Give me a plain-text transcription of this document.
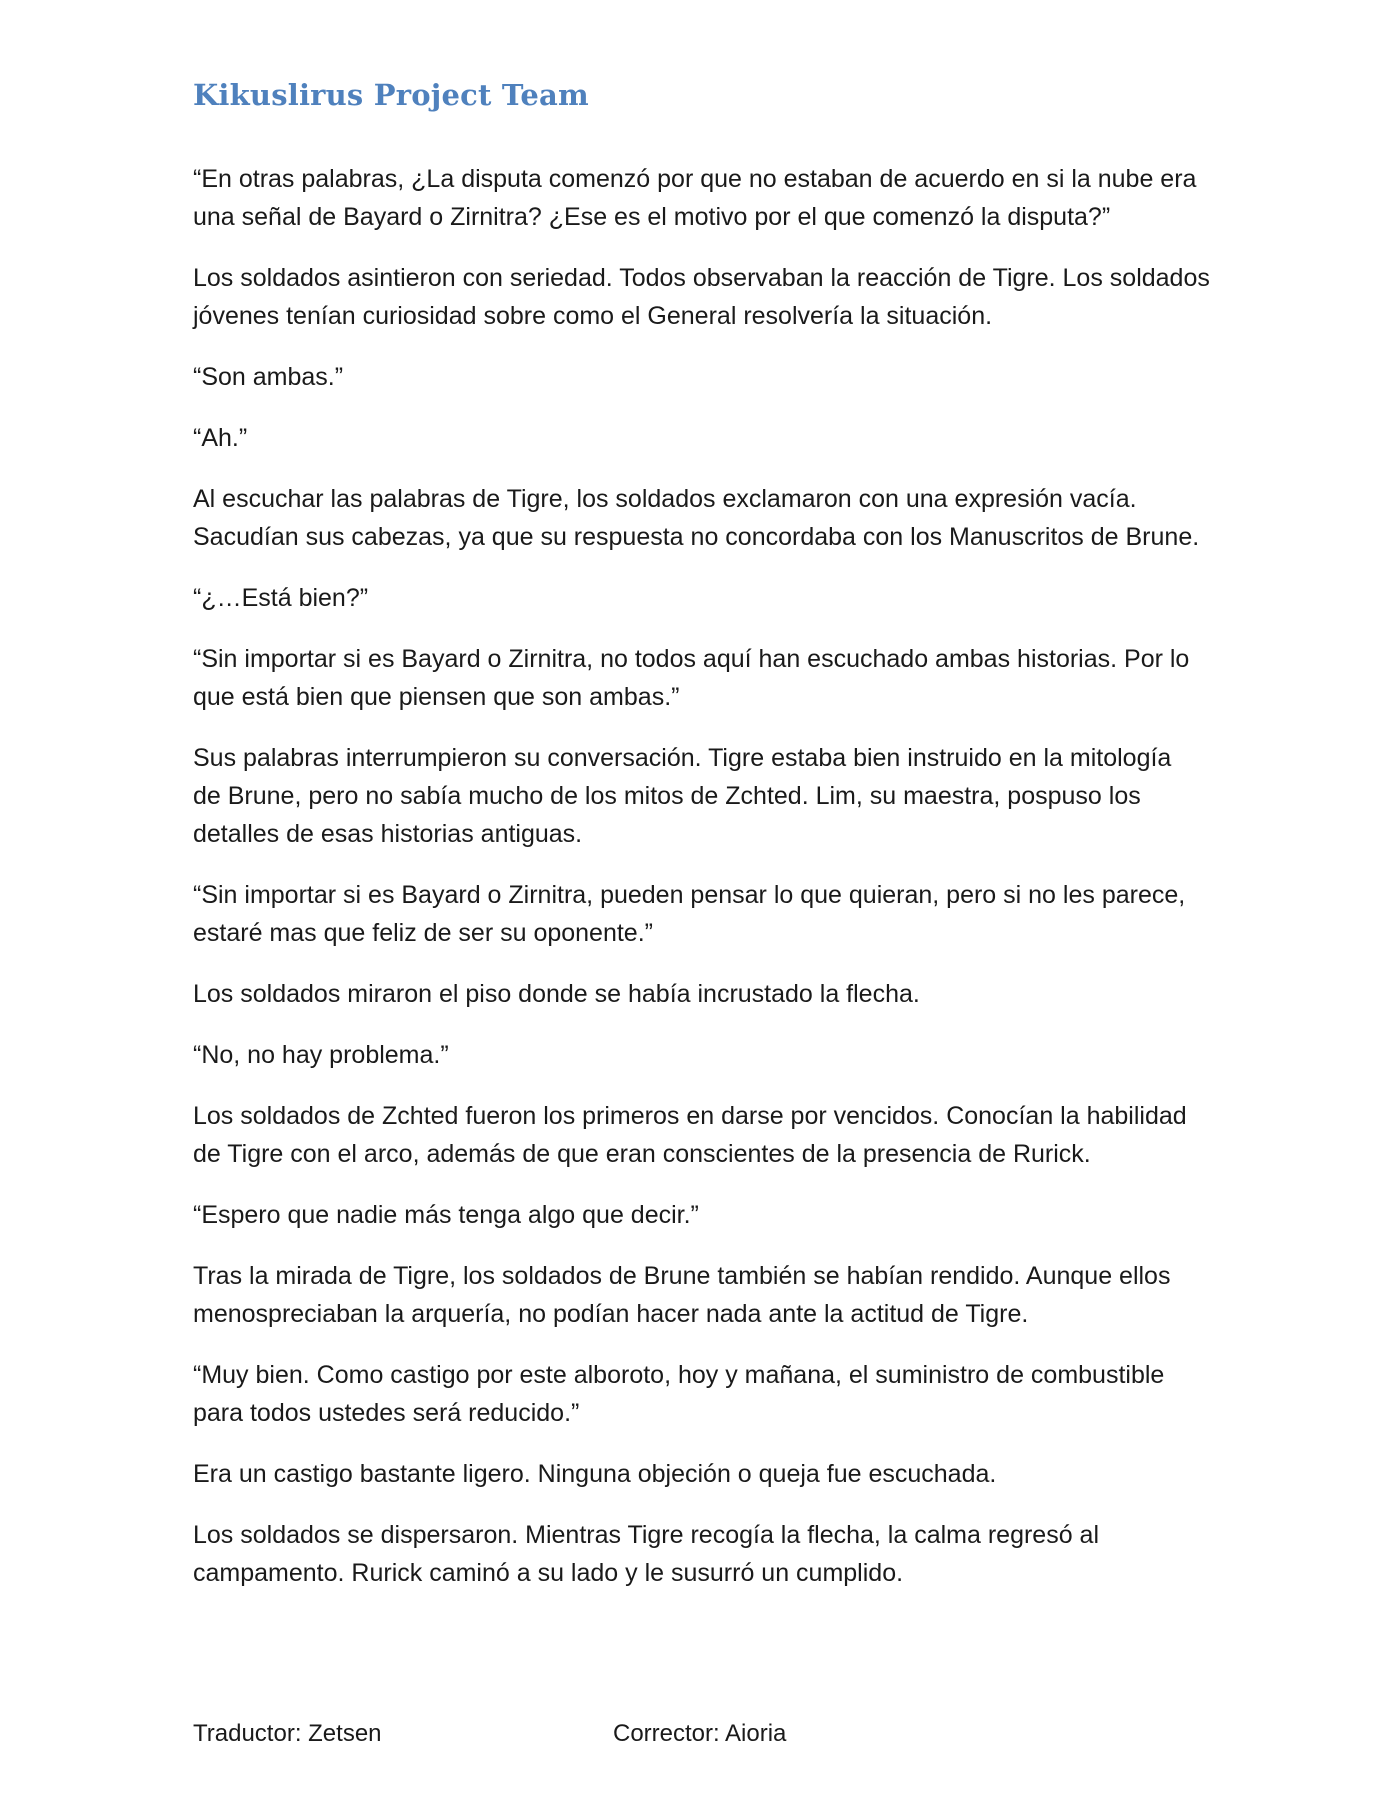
Kikuslirus Project Team

“En otras palabras, ¿La disputa comenzó por que no estaban de acuerdo en si la nube era
una señal de Bayard o Zirnitra? ¿Ese es el motivo por el que comenzó la disputa?”

Los soldados asintieron con seriedad. Todos observaban la reacción de Tigre. Los soldados
jóvenes tenían curiosidad sobre como el General resolvería la situación.

“Son ambas.”

“Ah.”

Al escuchar las palabras de Tigre, los soldados exclamaron con una expresión vacía.
Sacudían sus cabezas, ya que su respuesta no concordaba con los Manuscritos de Brune.

“¿…Está bien?”

“Sin importar si es Bayard o Zirnitra, no todos aquí han escuchado ambas historias. Por lo
que está bien que piensen que son ambas.”

Sus palabras interrumpieron su conversación. Tigre estaba bien instruido en la mitología
de Brune, pero no sabía mucho de los mitos de Zchted. Lim, su maestra, pospuso los
detalles de esas historias antiguas.

“Sin importar si es Bayard o Zirnitra, pueden pensar lo que quieran, pero si no les parece,
estaré mas que feliz de ser su oponente.”

Los soldados miraron el piso donde se había incrustado la flecha.

“No, no hay problema.”

Los soldados de Zchted fueron los primeros en darse por vencidos. Conocían la habilidad
de Tigre con el arco, además de que eran conscientes de la presencia de Rurick.

“Espero que nadie más tenga algo que decir.”

Tras la mirada de Tigre, los soldados de Brune también se habían rendido. Aunque ellos
menospreciaban la arquería, no podían hacer nada ante la actitud de Tigre.

“Muy bien. Como castigo por este alboroto, hoy y mañana, el suministro de combustible
para todos ustedes será reducido.”

Era un castigo bastante ligero. Ninguna objeción o queja fue escuchada.

Los soldados se dispersaron. Mientras Tigre recogía la flecha, la calma regresó al
campamento. Rurick caminó a su lado y le susurró un cumplido.

Traductor: Zetsen	Corrector: Aioria
